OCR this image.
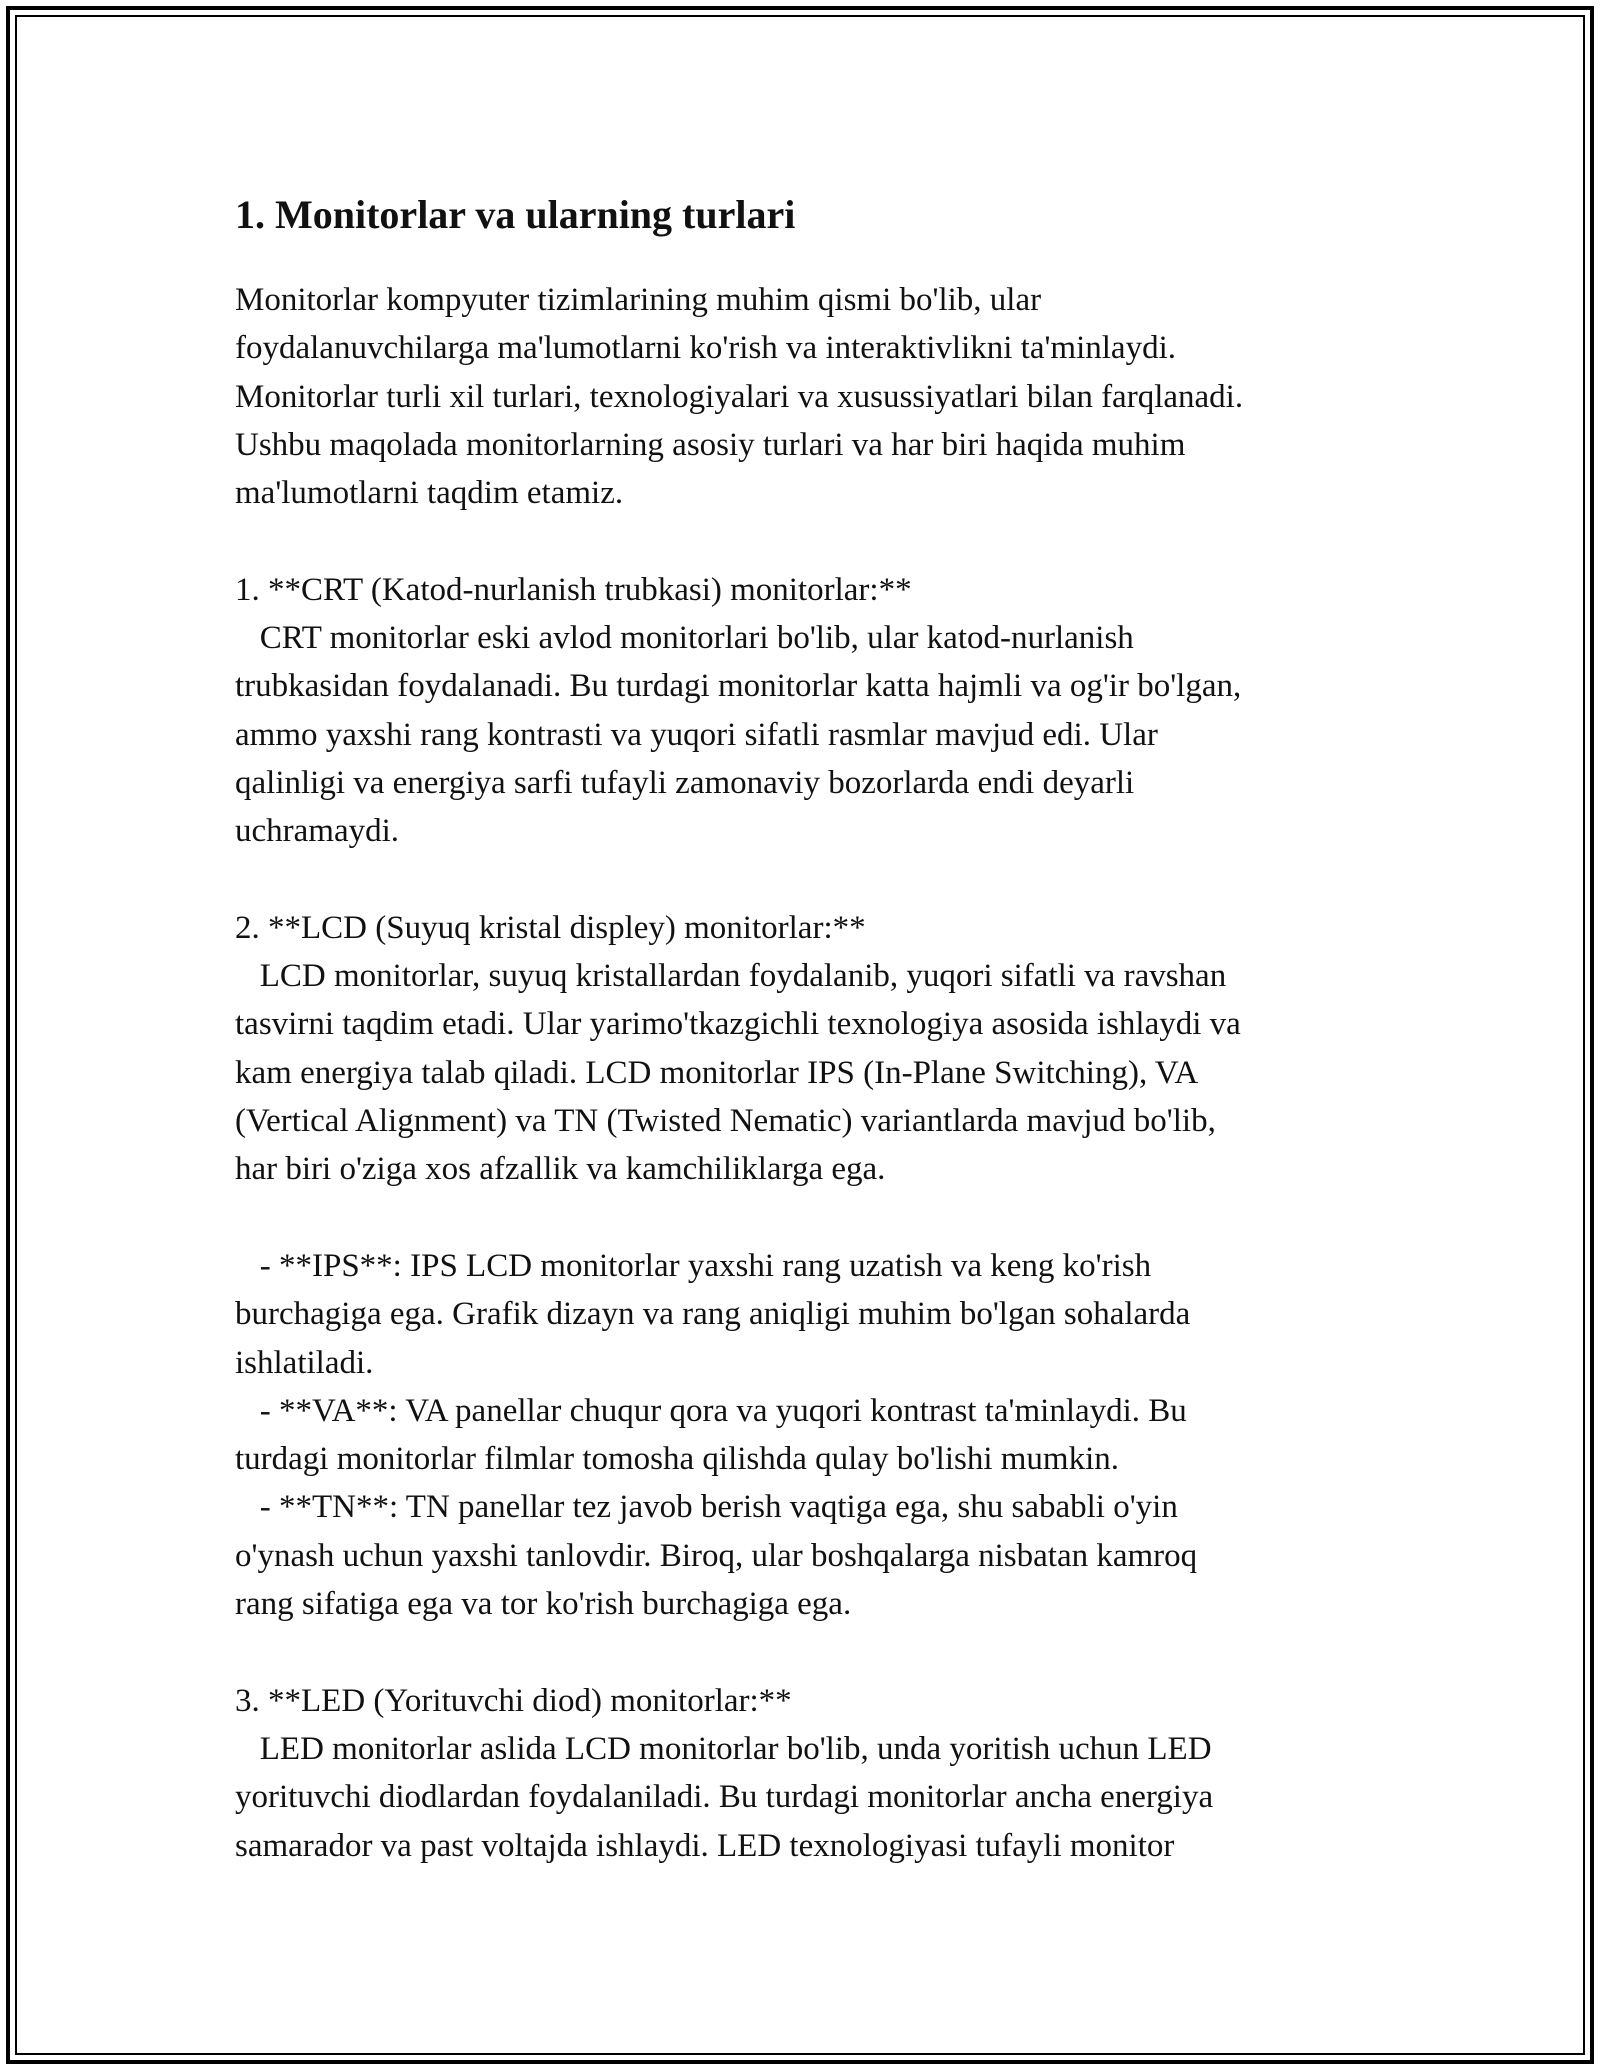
1. Monitorlar va ularning turlari

Monitorlar kompyuter tizimlarining muhim qismi bo'lib, ular
foydalanuvchilarga ma'lumotlarni ko'rish va interaktivlikni ta'minlaydi.
Monitorlar turli xil turlari, texnologiyalari va xusussiyatlari bilan farqlanadi.
Ushbu maqolada monitorlarning asosiy turlari va har biri haqida muhim
ma'lumotlarni taqdim etamiz.

1. **CRT (Katod-nurlanish trubkasi) monitorlar:**

CRT monitorlar eski avlod monitorlari bo'lib, ular katod-nurlanish
trubkasidan foydalanadi. Bu turdagi monitorlar katta hajmli va og'ir bo'lgan,
ammo yaxshi rang kontrasti va yuqori sifatli rasmlar mavjud edi. Ular
qalinligi va energiya sarfi tufayli zamonaviy bozorlarda endi deyarli
uchramaydi.

2. **LCD (Suyuq kristal displey) monitorlar:**

LCD monitorlar, suyuq kristallardan foydalanib, yuqori sifatli va ravshan
tasvirni taqdim etadi. Ular yarimo'tkazgichli texnologiya asosida ishlaydi va
kam energiya talab qiladi. LCD monitorlar IPS (In-Plane Switching), VA
(Vertical Alignment) va TN (Twisted Nematic) variantlarda mavjud bo'lib,
har biri o'ziga xos afzallik va kamchiliklarga ega.

- **IPS**: IPS LCD monitorlar yaxshi rang uzatish va keng ko'rish
burchagiga ega. Grafik dizayn va rang aniqligi muhim bo'lgan sohalarda
ishlatiladi.

- **VA**: VA panellar chuqur qora va yuqori kontrast ta'minlaydi. Bu
turdagi monitorlar filmlar tomosha qilishda qulay bo'lishi mumkin.

- **TN**: TN panellar tez javob berish vaqtiga ega, shu sababli o'yin
o'ynash uchun yaxshi tanlovdir. Biroq, ular boshqalarga nisbatan kamroq
rang sifatiga ega va tor ko'rish burchagiga ega.

3. **LED (Yorituvchi diod) monitorlar:**

LED monitorlar aslida LCD monitorlar bo'lib, unda yoritish uchun LED
yorituvchi diodlardan foydalaniladi. Bu turdagi monitorlar ancha energiya
samarador va past voltajda ishlaydi. LED texnologiyasi tufayli monitor
